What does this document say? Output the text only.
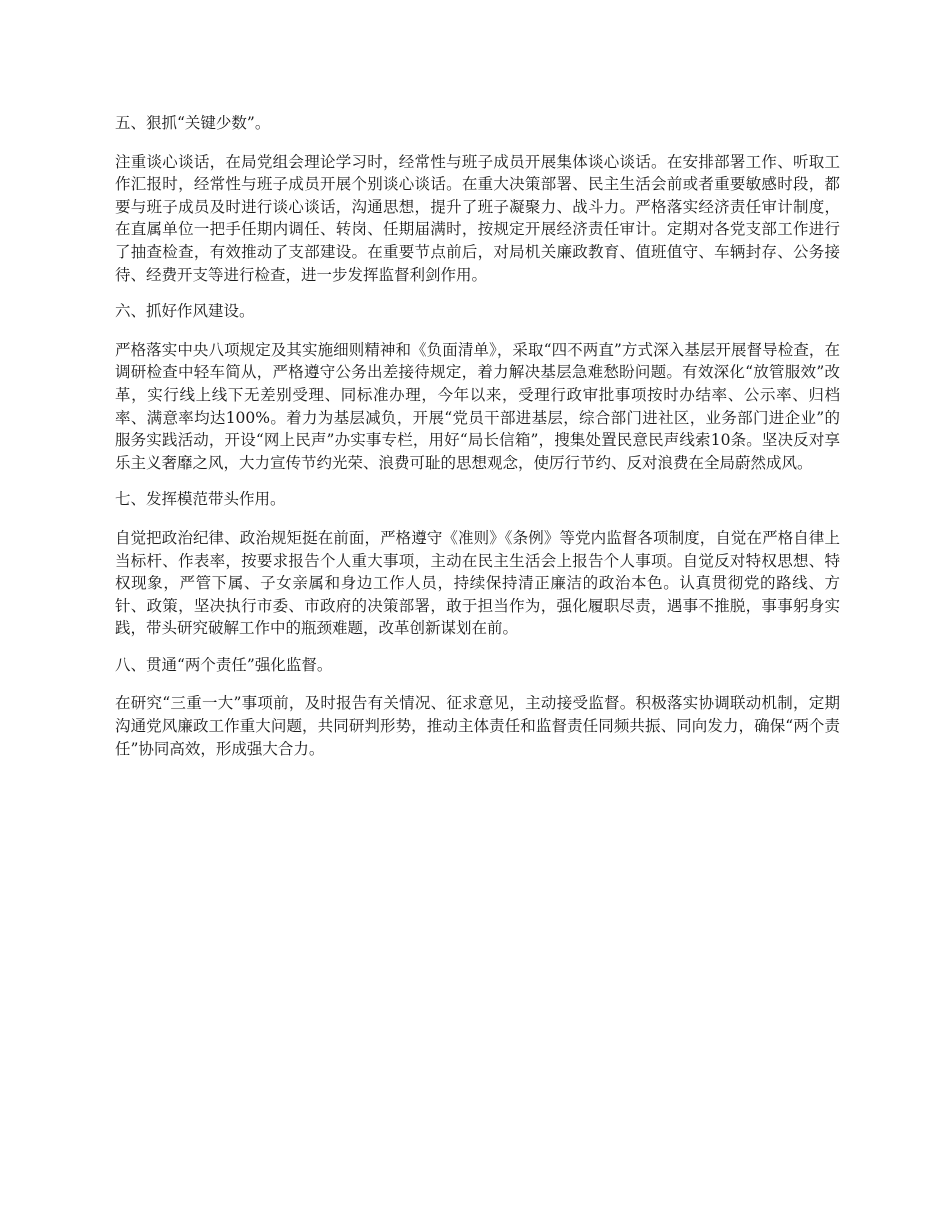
五、狠抓“关键少数”。

注重谈心谈话，在局党组会理论学习时，经常性与班子成员开展集体谈心谈话。在安排部署工作、听取工作汇报时，经常性与班子成员开展个别谈心谈话。在重大决策部署、民主生活会前或者重要敏感时段，都要与班子成员及时进行谈心谈话，沟通思想，提升了班子凝聚力、战斗力。严格落实经济责任审计制度，在直属单位一把手任期内调任、转岗、任期届满时，按规定开展经济责任审计。定期对各党支部工作进行了抽查检查，有效推动了支部建设。在重要节点前后，对局机关廉政教育、值班值守、车辆封存、公务接待、经费开支等进行检查，进一步发挥监督利剑作用。

六、抓好作风建设。

严格落实中央八项规定及其实施细则精神和《负面清单》，采取“四不两直”方式深入基层开展督导检查，在调研检查中轻车简从，严格遵守公务出差接待规定，着力解决基层急难愁盼问题。有效深化“放管服效”改革，实行线上线下无差别受理、同标准办理，今年以来，受理行政审批事项按时办结率、公示率、归档率、满意率均达100%。着力为基层减负，开展“党员干部进基层，综合部门进社区，业务部门进企业”的服务实践活动，开设“网上民声”办实事专栏，用好“局长信箱”，搜集处置民意民声线索10条。坚决反对享乐主义奢靡之风，大力宣传节约光荣、浪费可耻的思想观念，使厉行节约、反对浪费在全局蔚然成风。

七、发挥模范带头作用。

自觉把政治纪律、政治规矩挺在前面，严格遵守《准则》《条例》等党内监督各项制度，自觉在严格自律上当标杆、作表率，按要求报告个人重大事项，主动在民主生活会上报告个人事项。自觉反对特权思想、特权现象，严管下属、子女亲属和身边工作人员，持续保持清正廉洁的政治本色。认真贯彻党的路线、方针、政策，坚决执行市委、市政府的决策部署，敢于担当作为，强化履职尽责，遇事不推脱，事事躬身实践，带头研究破解工作中的瓶颈难题，改革创新谋划在前。

八、贯通“两个责任”强化监督。

在研究“三重一大”事项前，及时报告有关情况、征求意见，主动接受监督。积极落实协调联动机制，定期沟通党风廉政工作重大问题，共同研判形势，推动主体责任和监督责任同频共振、同向发力，确保“两个责任”协同高效，形成强大合力。
